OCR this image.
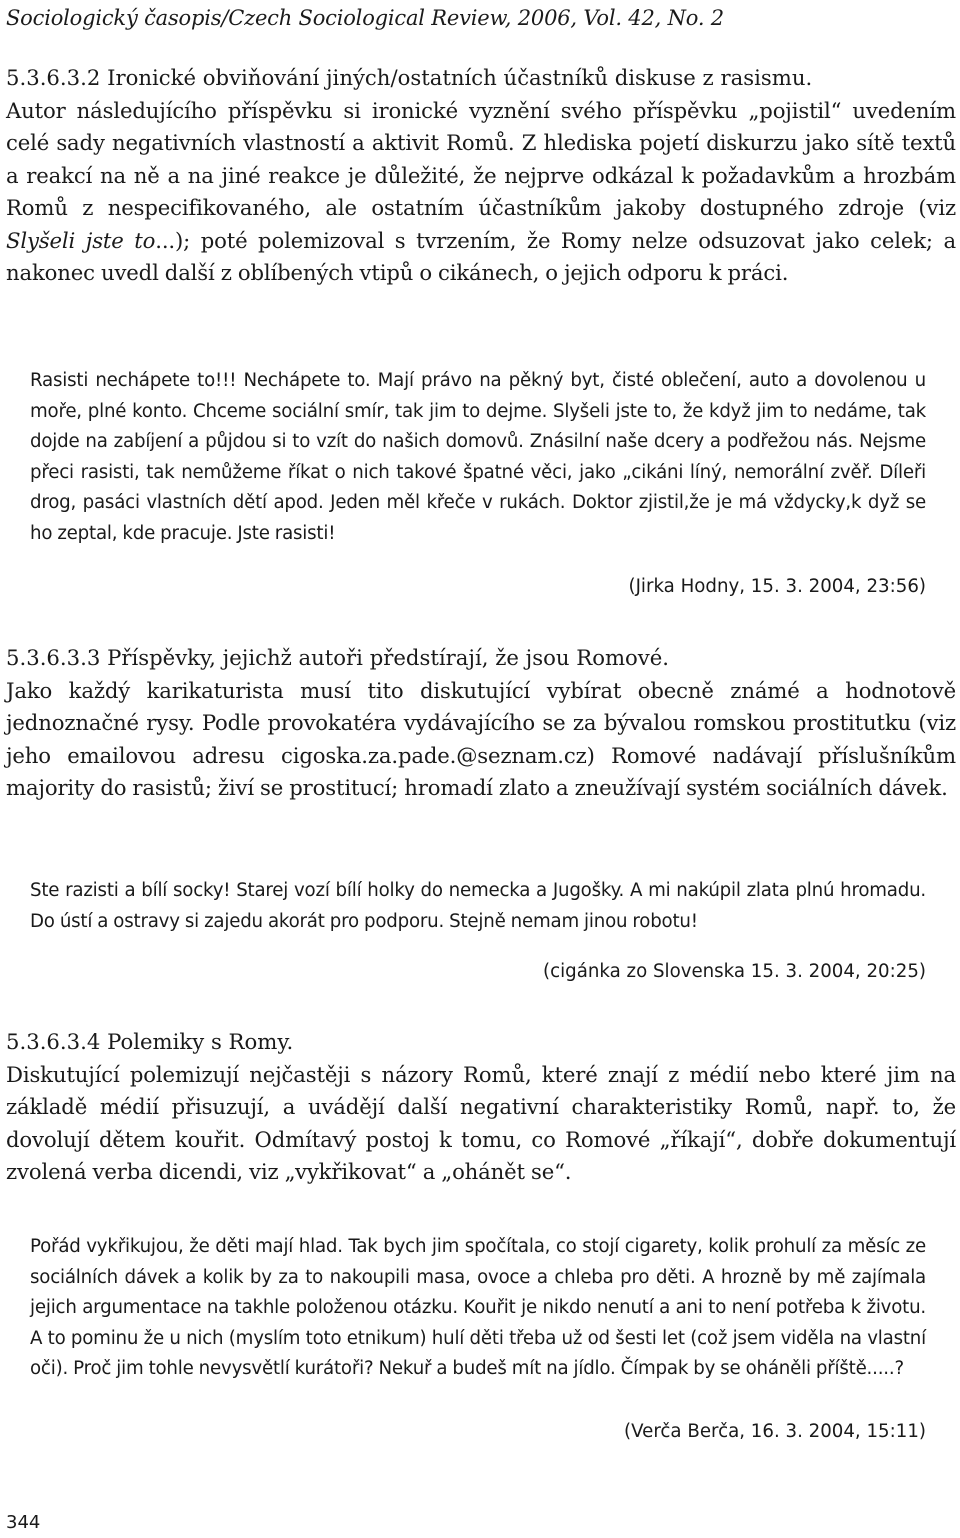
Sociologický časopis/Czech Sociological Review, 2006, Vol. 42, No. 2

5.3.6.3.2 Ironické obviňování jiných/ostatních účastníků diskuse z rasismu.

Autor následujícího příspěvku si ironické vyznění svého příspěvku „pojistil“ uvedením celé sady negativních vlastností a aktivit Romů. Z hlediska pojetí diskurzu jako sítě textů a reakcí na ně a na jiné reakce je důležité, že nejprve odkázal k požadavkům a hrozbám Romů z nespecifikovaného, ale ostatním účastníkům jakoby dostupného zdroje (viz Slyšeli jste to...); poté polemizoval s tvrzením, že Romy nelze odsuzovat jako celek; a nakonec uvedl další z oblíbených vtipů o cikánech, o jejich odporu k práci.

Rasisti nechápete to!!! Nechápete to. Mají právo na pěkný byt, čisté oblečení, auto a dovolenou u moře, plné konto. Chceme sociální smír, tak jim to dejme. Slyšeli jste to, že když jim to nedáme, tak dojde na zabíjení a půjdou si to vzít do našich domovů. Znásilní naše dcery a podřežou nás. Nejsme přeci rasisti, tak nemůžeme říkat o nich takové špatné věci, jako „cikáni líný, nemorální zvěř. Díleři drog, pasáci vlastních dětí apod. Jeden měl křeče v rukách. Doktor zjistil,že je má vždycky,k dyž se ho zeptal, kde pracuje. Jste rasisti!

(Jirka Hodny, 15. 3. 2004, 23:56)

5.3.6.3.3 Příspěvky, jejichž autoři předstírají, že jsou Romové.

Jako každý karikaturista musí tito diskutující vybírat obecně známé a hodnotově jednoznačné rysy. Podle provokatéra vydávajícího se za bývalou romskou prostitutku (viz jeho emailovou adresu cigoska.za.pade.@seznam.cz) Romové nadávají příslušníkům majority do rasistů; živí se prostitucí; hromadí zlato a zneužívají systém sociálních dávek.

Ste razisti a bílí socky! Starej vozí bílí holky do nemecka a Jugošky. A mi nakúpil zlata plnú hromadu. Do ústí a ostravy si zajedu akorát pro podporu. Stejně nemam jinou robotu!

(cigánka zo Slovenska 15. 3. 2004, 20:25)

5.3.6.3.4 Polemiky s Romy.

Diskutující polemizují nejčastěji s názory Romů, které znají z médií nebo které jim na základě médií přisuzují, a uvádějí další negativní charakteristiky Romů, např. to, že dovolují dětem kouřit. Odmítavý postoj k tomu, co Romové „říkají“, dobře dokumentují zvolená verba dicendi, viz „vykřikovat“ a „ohánět se“.

Pořád vykřikujou, že děti mají hlad. Tak bych jim spočítala, co stojí cigarety, kolik prohulí za měsíc ze sociálních dávek a kolik by za to nakoupili masa, ovoce a chleba pro děti. A hrozně by mě zajímala jejich argumentace na takhle položenou otázku. Kouřit je nikdo nenutí a ani to není potřeba k životu. A to pominu že u nich (myslím toto etnikum) hulí děti třeba už od šesti let (což jsem viděla na vlastní oči). Proč jim tohle nevysvětlí kurátoři? Nekuř a budeš mít na jídlo. Čímpak by se oháněli příště.....?

(Verča Berča, 16. 3. 2004, 15:11)
344
